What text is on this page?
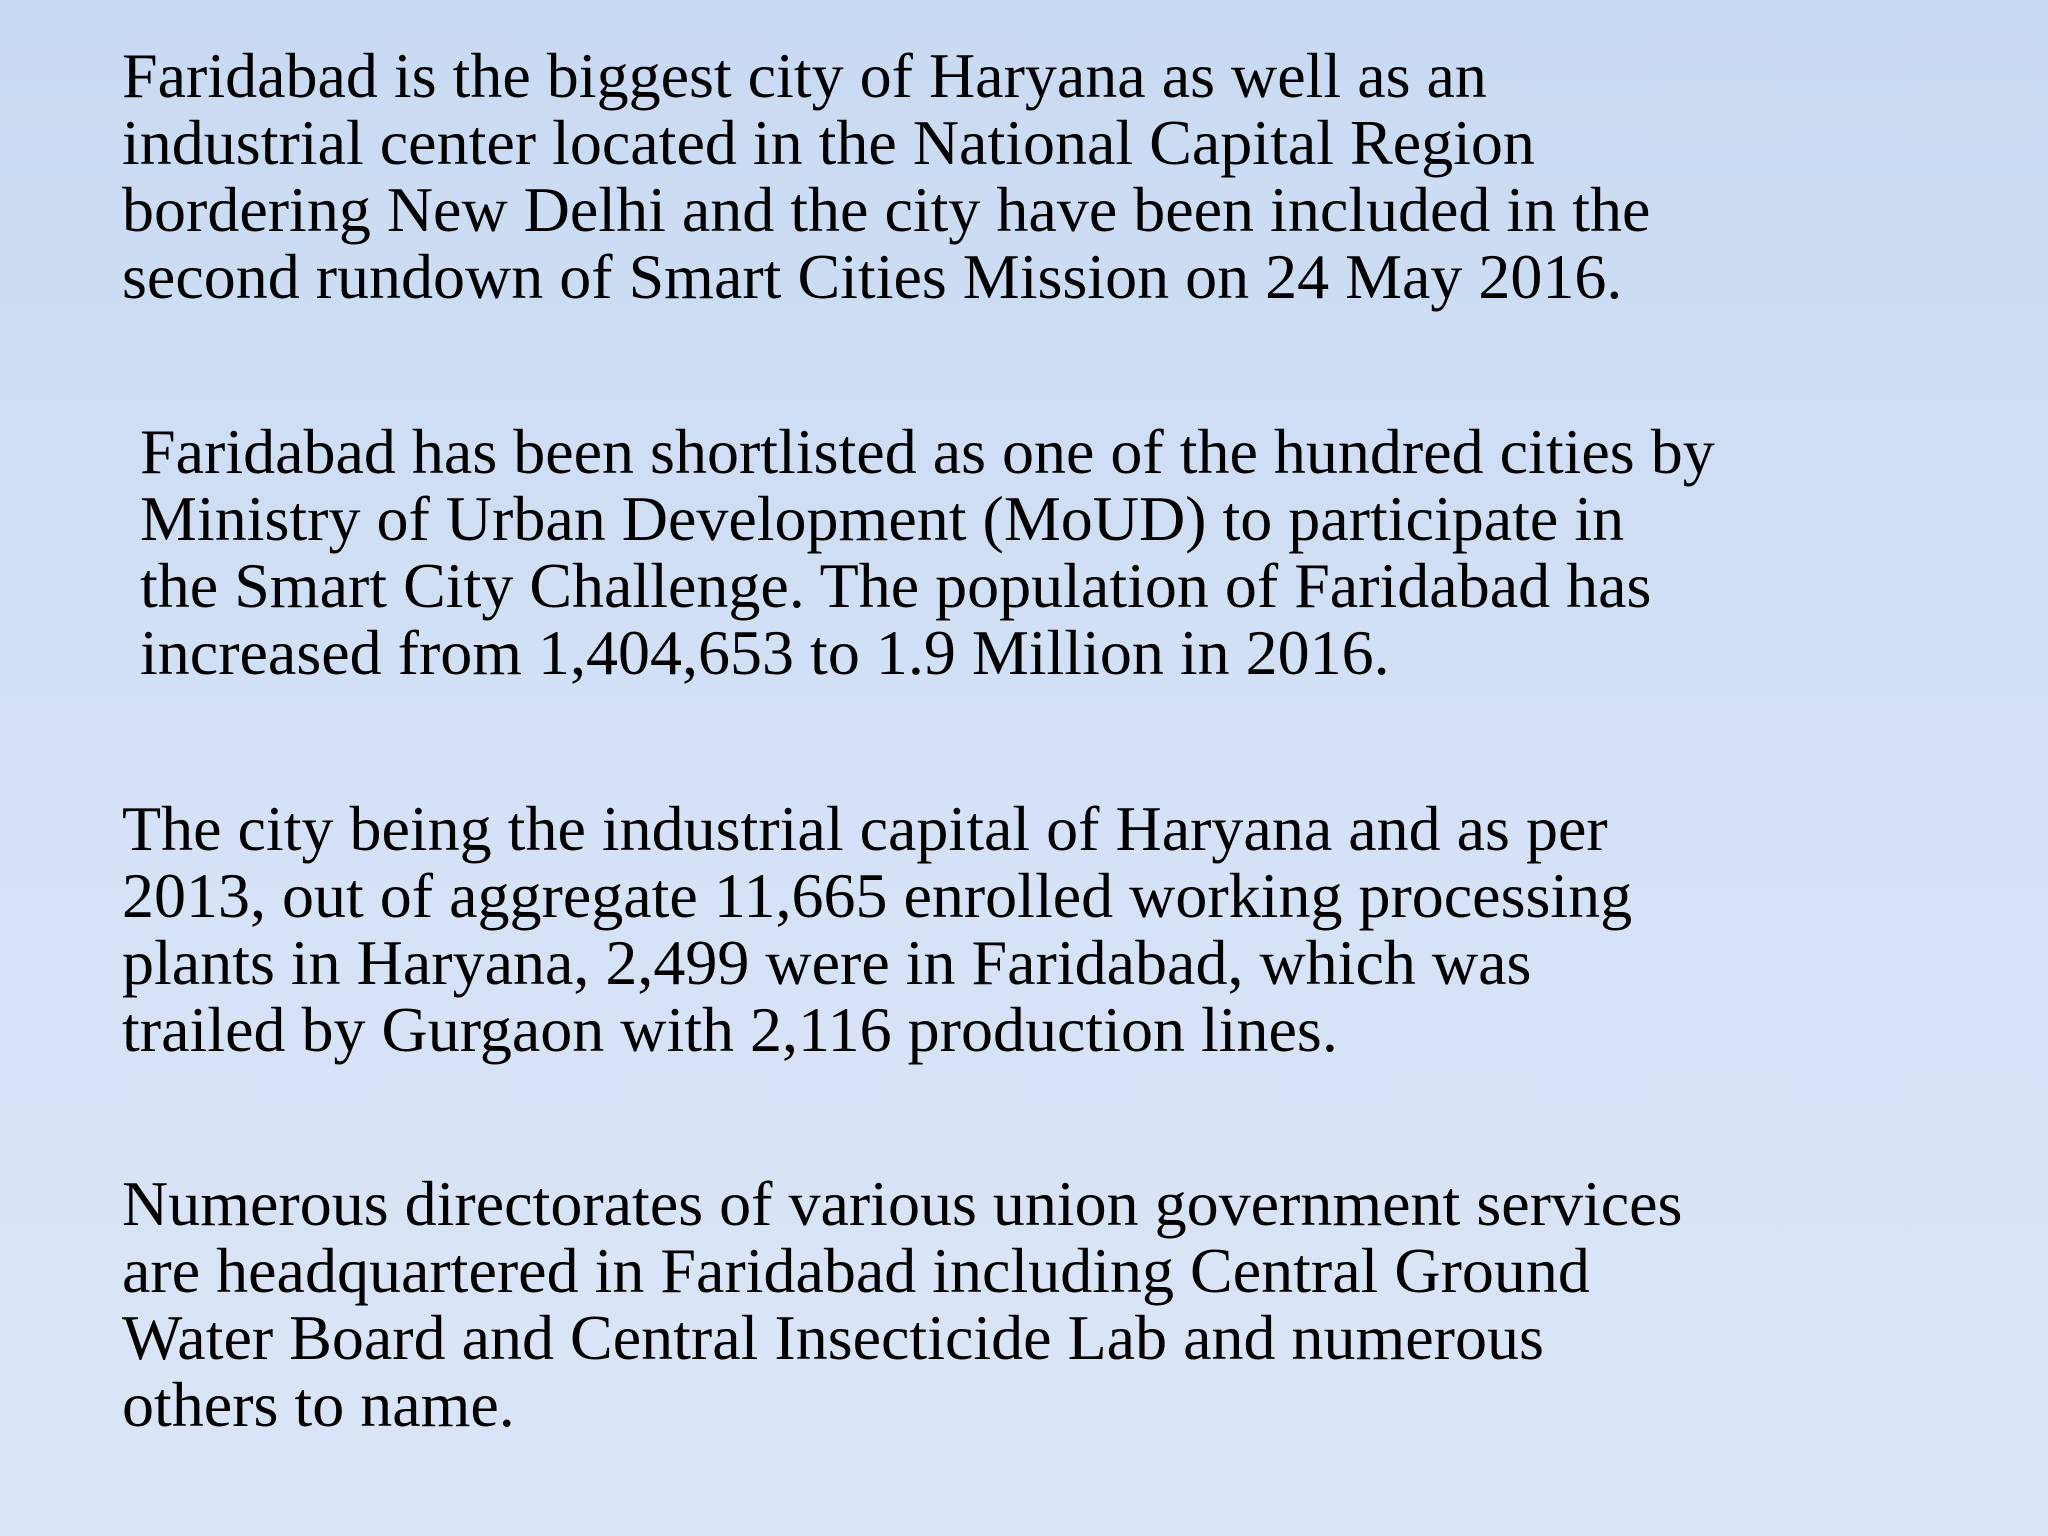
Faridabad is the biggest city of Haryana as well as an
industrial center located in the National Capital Region
bordering New Delhi and the city have been included in the
second rundown of Smart Cities Mission on 24 May 2016.

Faridabad has been shortlisted as one of the hundred cities by
Ministry of Urban Development (MoUD) to participate in
the Smart City Challenge. The population of Faridabad has
increased from 1,404,653 to 1.9 Million in 2016.

The city being the industrial capital of Haryana and as per
2013, out of aggregate 11,665 enrolled working processing
plants in Haryana, 2,499 were in Faridabad, which was
trailed by Gurgaon with 2,116 production lines.

Numerous directorates of various union government services
are headquartered in Faridabad including Central Ground
Water Board and Central Insecticide Lab and numerous
others to name.
